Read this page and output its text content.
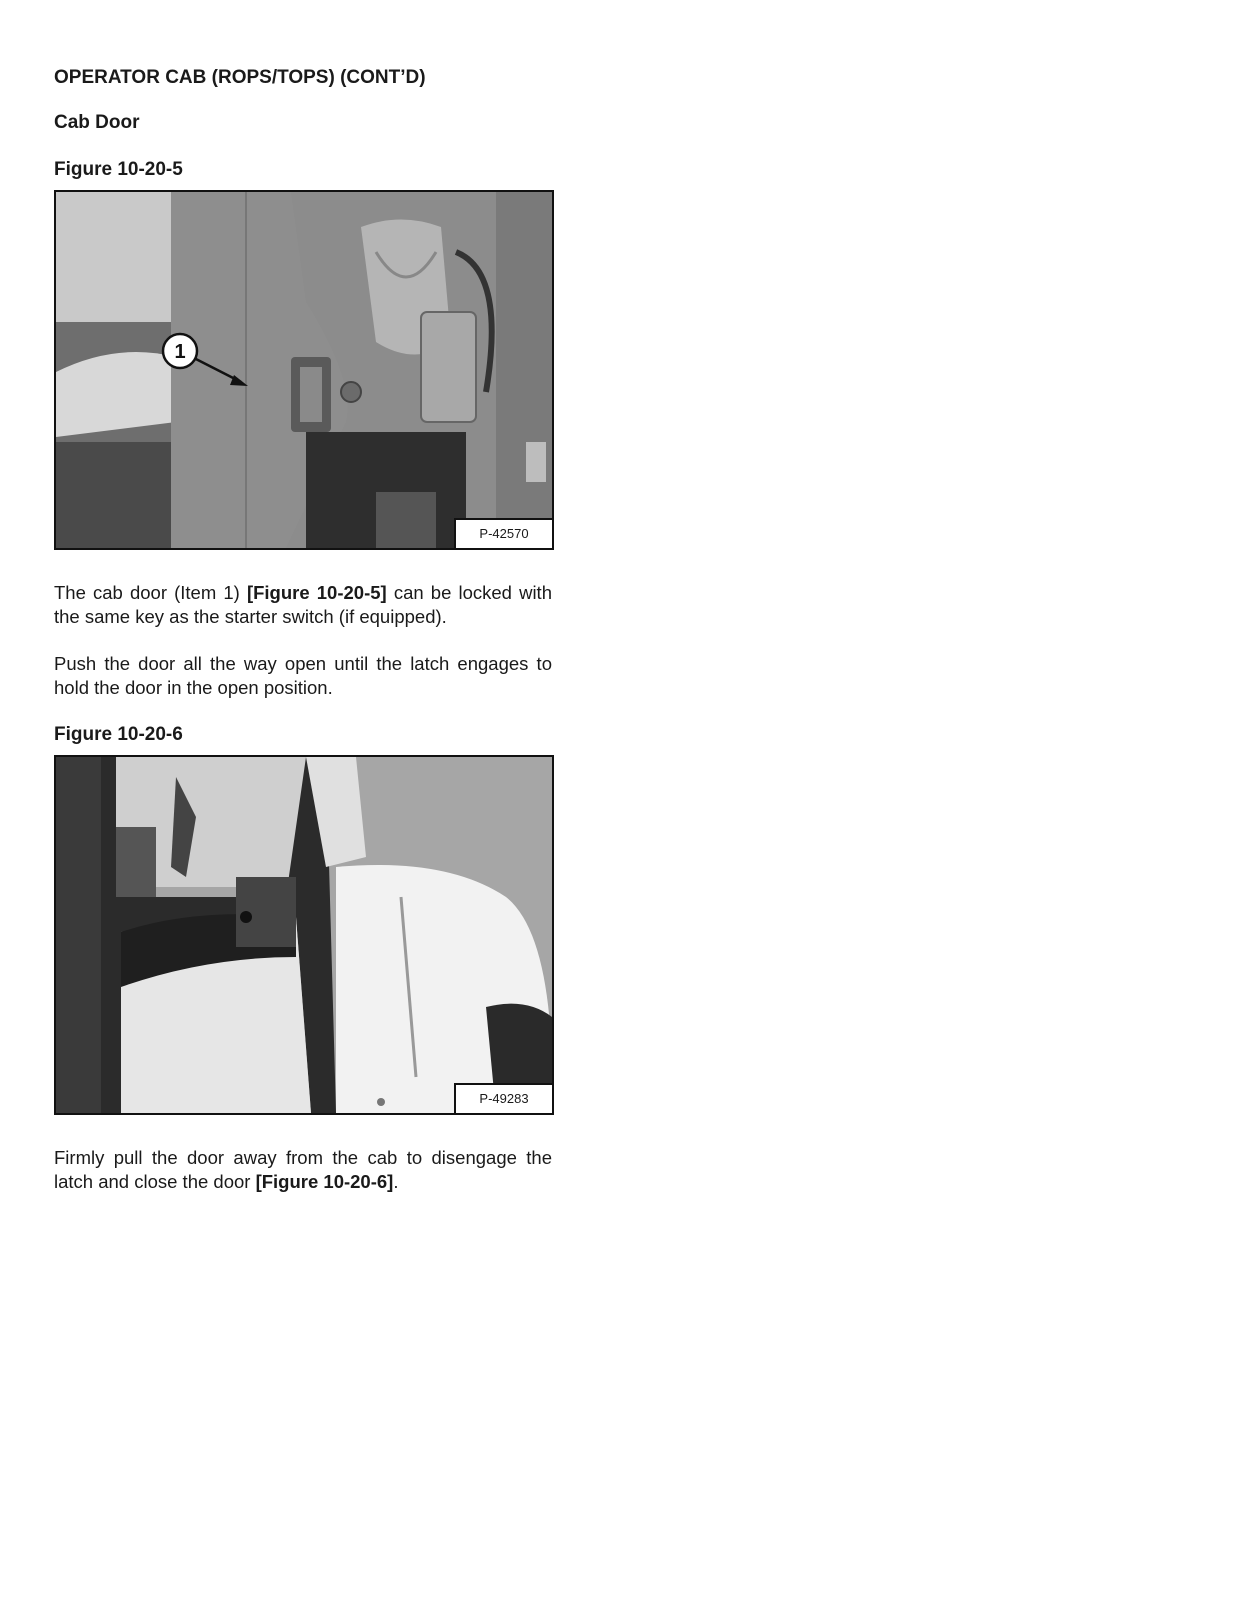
OPERATOR CAB (ROPS/TOPS) (CONT’D)
Cab Door

Figure 10-20-5

1
P-42570

The cab door (Item 1) [Figure 10-20-5] can be locked with the same key as the starter switch (if equipped).

Push the door all the way open until the latch engages to hold the door in the open position.

Figure 10-20-6

P-49283

Firmly pull the door away from the cab to disengage the latch and close the door [Figure 10-20-6].
